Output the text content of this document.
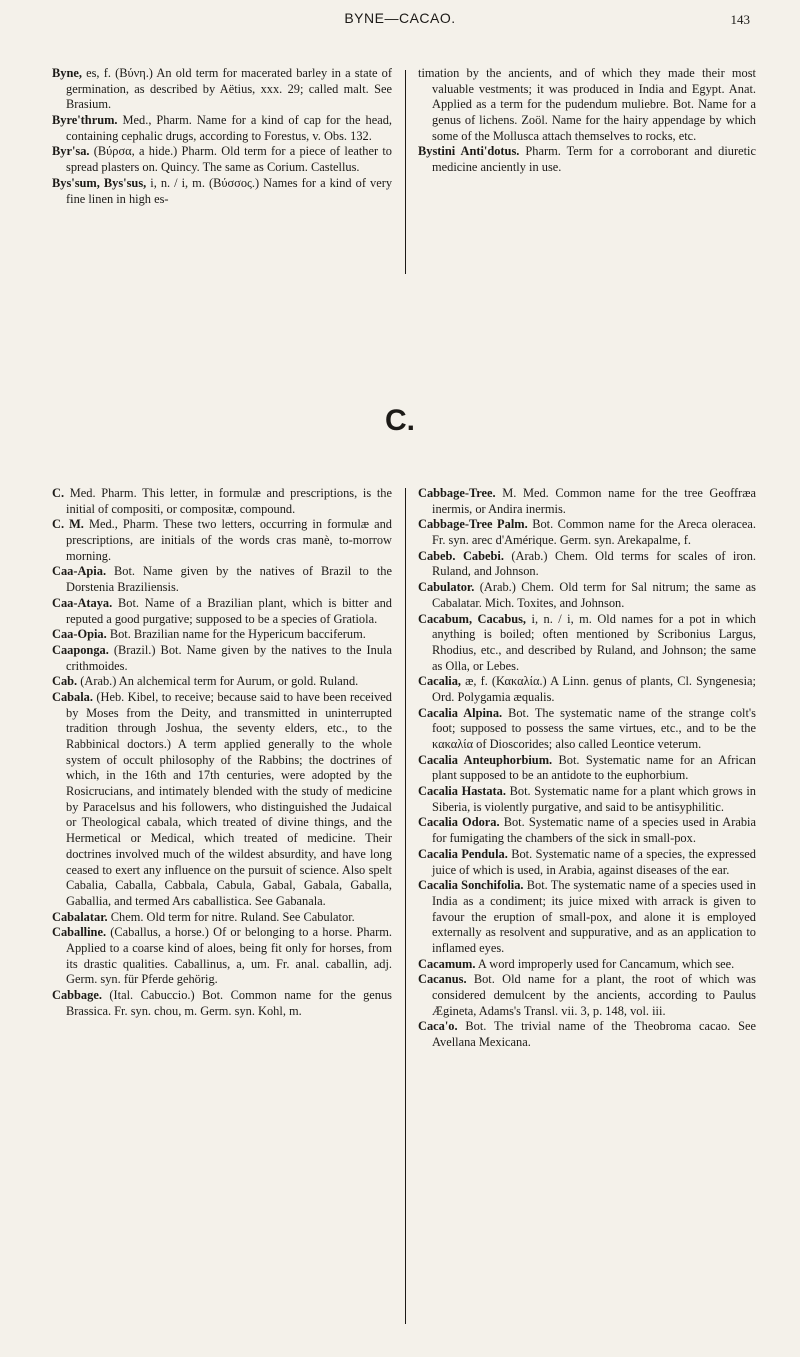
BYNE—CACAO.	143

Byne, es, f. (Βύνη.) An old term for macerated barley in a state of germination, as described by Aëtius, xxx. 29; called malt. See Brasium.

Byre'thrum. Med., Pharm. Name for a kind of cap for the head, containing cephalic drugs, according to Forestus, v. Obs. 132.

Byr'sa. (Βύρσα, a hide.) Pharm. Old term for a piece of leather to spread plasters on. Quincy. The same as Corium. Castellus.

Bys'sum, Bys'sus, i, n. / i, m. (Βύσσος.) Names for a kind of very fine linen in high es-

timation by the ancients, and of which they made their most valuable vestments; it was produced in India and Egypt. Anat. Applied as a term for the pudendum muliebre. Bot. Name for a genus of lichens. Zoöl. Name for the hairy appendage by which some of the Mollusca attach themselves to rocks, etc.

Bystini Anti'dotus. Pharm. Term for a corroborant and diuretic medicine anciently in use.

C.

C. Med. Pharm. This letter, in formulæ and prescriptions, is the initial of compositi, or compositæ, compound.

C. M. Med., Pharm. These two letters, occurring in formulæ and prescriptions, are initials of the words cras manè, to-morrow morning.

Caa-Apia. Bot. Name given by the natives of Brazil to the Dorstenia Braziliensis.

Caa-Ataya. Bot. Name of a Brazilian plant, which is bitter and reputed a good purgative; supposed to be a species of Gratiola.

Caa-Opia. Bot. Brazilian name for the Hypericum bacciferum.

Caaponga. (Brazil.) Bot. Name given by the natives to the Inula crithmoides.

Cab. (Arab.) An alchemical term for Aurum, or gold. Ruland.

Cabala. (Heb. Kibel, to receive; because said to have been received by Moses from the Deity, and transmitted in uninterrupted tradition through Joshua, the seventy elders, etc., to the Rabbinical doctors.) A term applied generally to the whole system of occult philosophy of the Rabbins; the doctrines of which, in the 16th and 17th centuries, were adopted by the Rosicrucians, and intimately blended with the study of medicine by Paracelsus and his followers, who distinguished the Judaical or Theological cabala, which treated of divine things, and the Hermetical or Medical, which treated of medicine. Their doctrines involved much of the wildest absurdity, and have long ceased to exert any influence on the pursuit of science. Also spelt Cabalia, Caballa, Cabbala, Cabula, Gabal, Gabala, Gaballa, Gaballia, and termed Ars caballistica. See Gabanala.

Cabalatar. Chem. Old term for nitre. Ruland. See Cabulator.

Caballine. (Caballus, a horse.) Of or belonging to a horse. Pharm. Applied to a coarse kind of aloes, being fit only for horses, from its drastic qualities. Caballinus, a, um. Fr. anal. caballin, adj. Germ. syn. für Pferde gehörig.

Cabbage. (Ital. Cabuccio.) Bot. Common name for the genus Brassica. Fr. syn. chou, m. Germ. syn. Kohl, m.

Cabbage-Tree. M. Med. Common name for the tree Geoffræa inermis, or Andira inermis.

Cabbage-Tree Palm. Bot. Common name for the Areca oleracea. Fr. syn. arec d'Amérique. Germ. syn. Arekapalme, f.

Cabeb. Cabebi. (Arab.) Chem. Old terms for scales of iron. Ruland, and Johnson.

Cabulator. (Arab.) Chem. Old term for Sal nitrum; the same as Cabalatar. Mich. Toxites, and Johnson.

Cacabum, Cacabus, i, n. / i, m. Old names for a pot in which anything is boiled; often mentioned by Scribonius Largus, Rhodius, etc., and described by Ruland, and Johnson; the same as Olla, or Lebes.

Cacalia, æ, f. (Κακαλία.) A Linn. genus of plants, Cl. Syngenesia; Ord. Polygamia æqualis.

Cacalia Alpina. Bot. The systematic name of the strange colt's foot; supposed to possess the same virtues, etc., and to be the κακαλία of Dioscorides; also called Leontice veterum.

Cacalia Anteuphorbium. Bot. Systematic name for an African plant supposed to be an antidote to the euphorbium.

Cacalia Hastata. Bot. Systematic name for a plant which grows in Siberia, is violently purgative, and said to be antisyphilitic.

Cacalia Odora. Bot. Systematic name of a species used in Arabia for fumigating the chambers of the sick in small-pox.

Cacalia Pendula. Bot. Systematic name of a species, the expressed juice of which is used, in Arabia, against diseases of the ear.

Cacalia Sonchifolia. Bot. The systematic name of a species used in India as a condiment; its juice mixed with arrack is given to favour the eruption of small-pox, and alone it is employed externally as resolvent and suppurative, and as an application to inflamed eyes.

Cacamum. A word improperly used for Cancamum, which see.

Cacanus. Bot. Old name for a plant, the root of which was considered demulcent by the ancients, according to Paulus Ægineta, Adams's Transl. vii. 3, p. 148, vol. iii.

Caca'o. Bot. The trivial name of the Theobroma cacao. See Avellana Mexicana.
